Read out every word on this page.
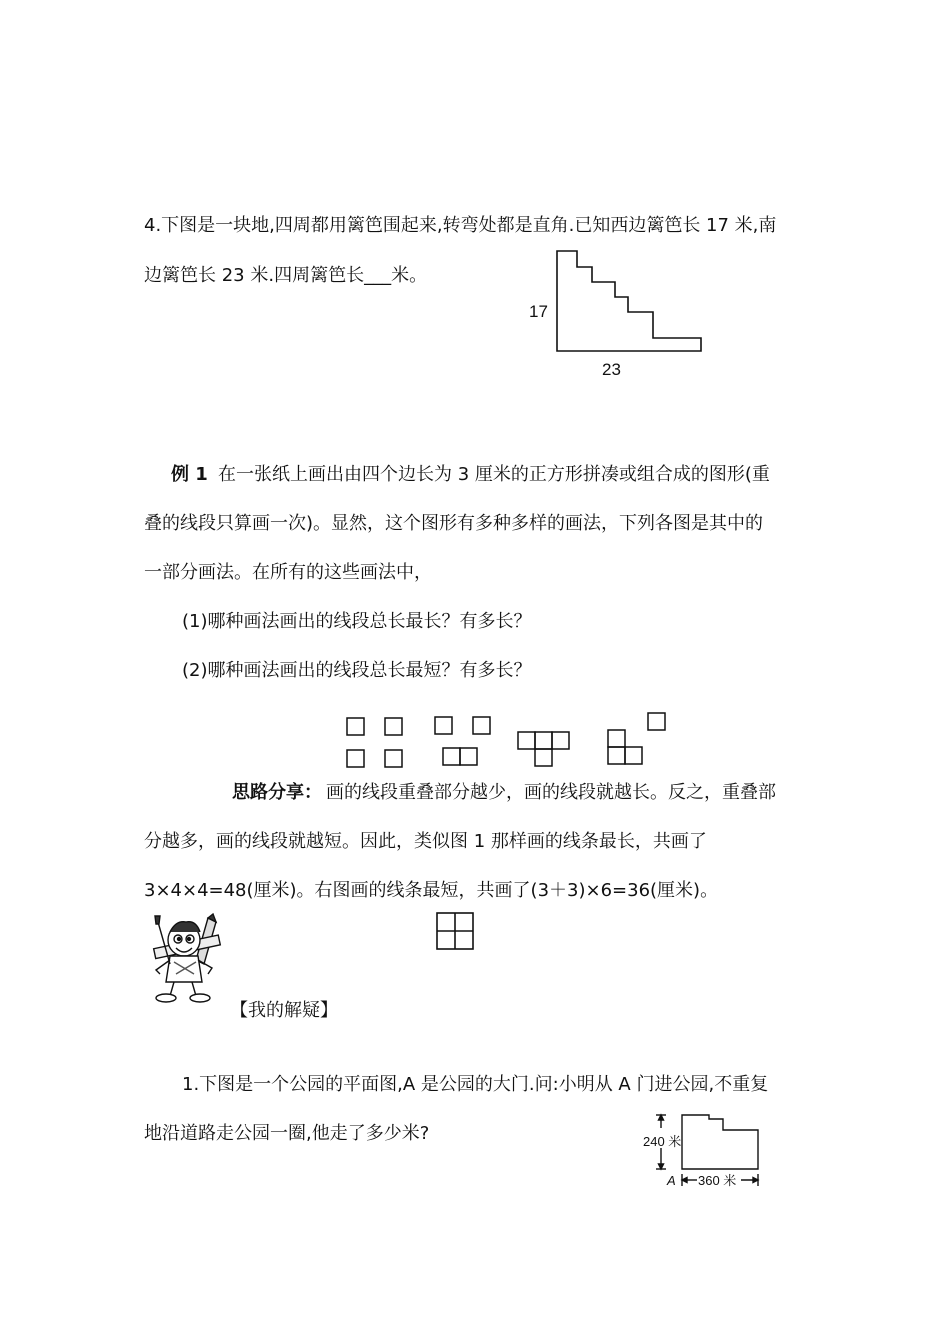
4.下图是一块地,四周都用篱笆围起来,转弯处都是直角.已知西边篱笆长 17 米,南
边篱笆长 23 米.四周篱笆长___米。
17
23
例 1 在一张纸上画出由四个边长为 3 厘米的正方形拼凑或组合成的图形(重
叠的线段只算画一次)。显然，这个图形有多种多样的画法，下列各图是其中的
一部分画法。在所有的这些画法中，
(1)哪种画法画出的线段总长最长？有多长？
(2)哪种画法画出的线段总长最短？有多长？
思路分享： 画的线段重叠部分越少，画的线段就越长。反之，重叠部
分越多，画的线段就越短。因此，类似图 1 那样画的线条最长，共画了
3×4×4=48(厘米)。右图画的线条最短，共画了(3＋3)×6=36(厘米)。
【我的解疑】
1.下图是一个公园的平面图,A 是公园的大门.问:小明从 A 门进公园,不重复
地沿道路走公园一圈,他走了多少米?	240 米
360 米
A
